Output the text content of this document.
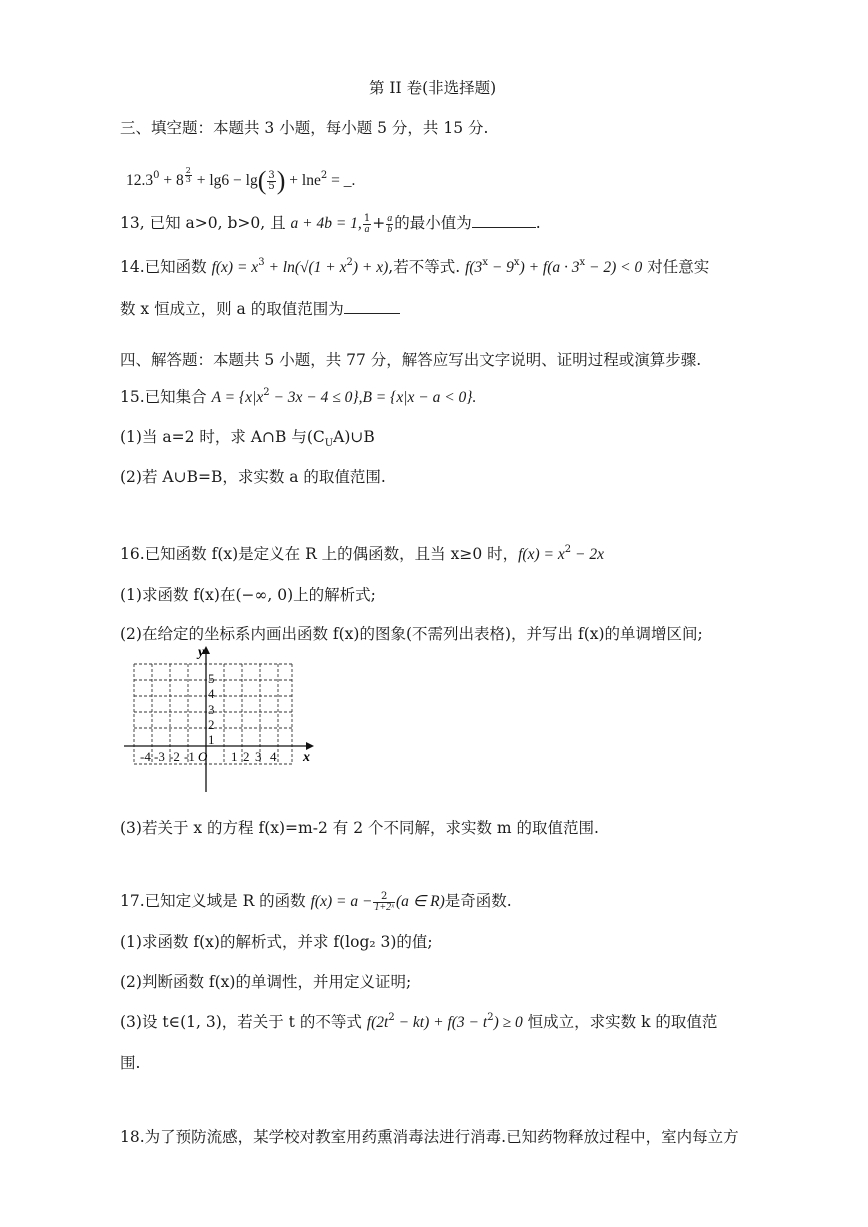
第 II 卷(非选择题)
三、填空题：本题共 3 小题，每小题 5 分，共 15 分.
$12.3^0 + 8$ $^{\frac{2}{3}} + \lg 6 - \lg( \frac{3}{5}$ ) + lne$^2$ = _.
13, 已知 a>0, b>0, 且 a + 4b = 1, $\frac{1}{a} + \frac{a}{b}$ 的最小值为	.
14.已知函数 $f(x) = x^3 + \ln(√(1 + x^2) + x)$,若不等式. $f(3^x - 9^x) + f(a \cdot 3^x - 2) < 0$ 对任意实
数 x 恒成立，则 a 的取值范围为
四、解答题：本题共 5 小题，共 77 分，解答应写出文字说明、证明过程或演算步骤.
15.已知集合 $A = \{x|x^2 - 3x - 4 \le 0\},B = \{x|x - a < 0\}$.
(1)当 a=2 时，求 A∩B 与$(C_UA)\cup B$
(2)若 A∪B=B，求实数 a 的取值范围.
16.已知函数 f(x)是定义在 R 上的偶函数，且当 x≥0 时，$f(x) = x^2 - 2x$
(1)求函数 f(x)在(−∞, 0)上的解析式;
(2)在给定的坐标系内画出函数 f(x)的图象(不需列出表格)，并写出 f(x)的单调增区间;
y
x
O
5
4
3
2
1
-4 -3 -2 -1	1 2 3 4
(3)若关于 x 的方程 f(x)=m-2 有 2 个不同解，求实数 m 的取值范围.
17.已知定义域是 R 的函数 $f(x) = a - \frac{2}{\text{1+2ˣ}} (a$ ∈ R)是奇函数.
(1)求函数 f(x)的解析式，并求 f(log₂ 3)的值;
(2)判断函数 f(x)的单调性，并用定义证明;
(3)设 t∈(1, 3)，若关于 t 的不等式 $f(2t^2 - kt) + f(3 - t^2) \ge 0$ 恒成立，求实数 k 的取值范
围.
18.为了预防流感，某学校对教室用药熏消毒法进行消毒.已知药物释放过程中，室内每立方
